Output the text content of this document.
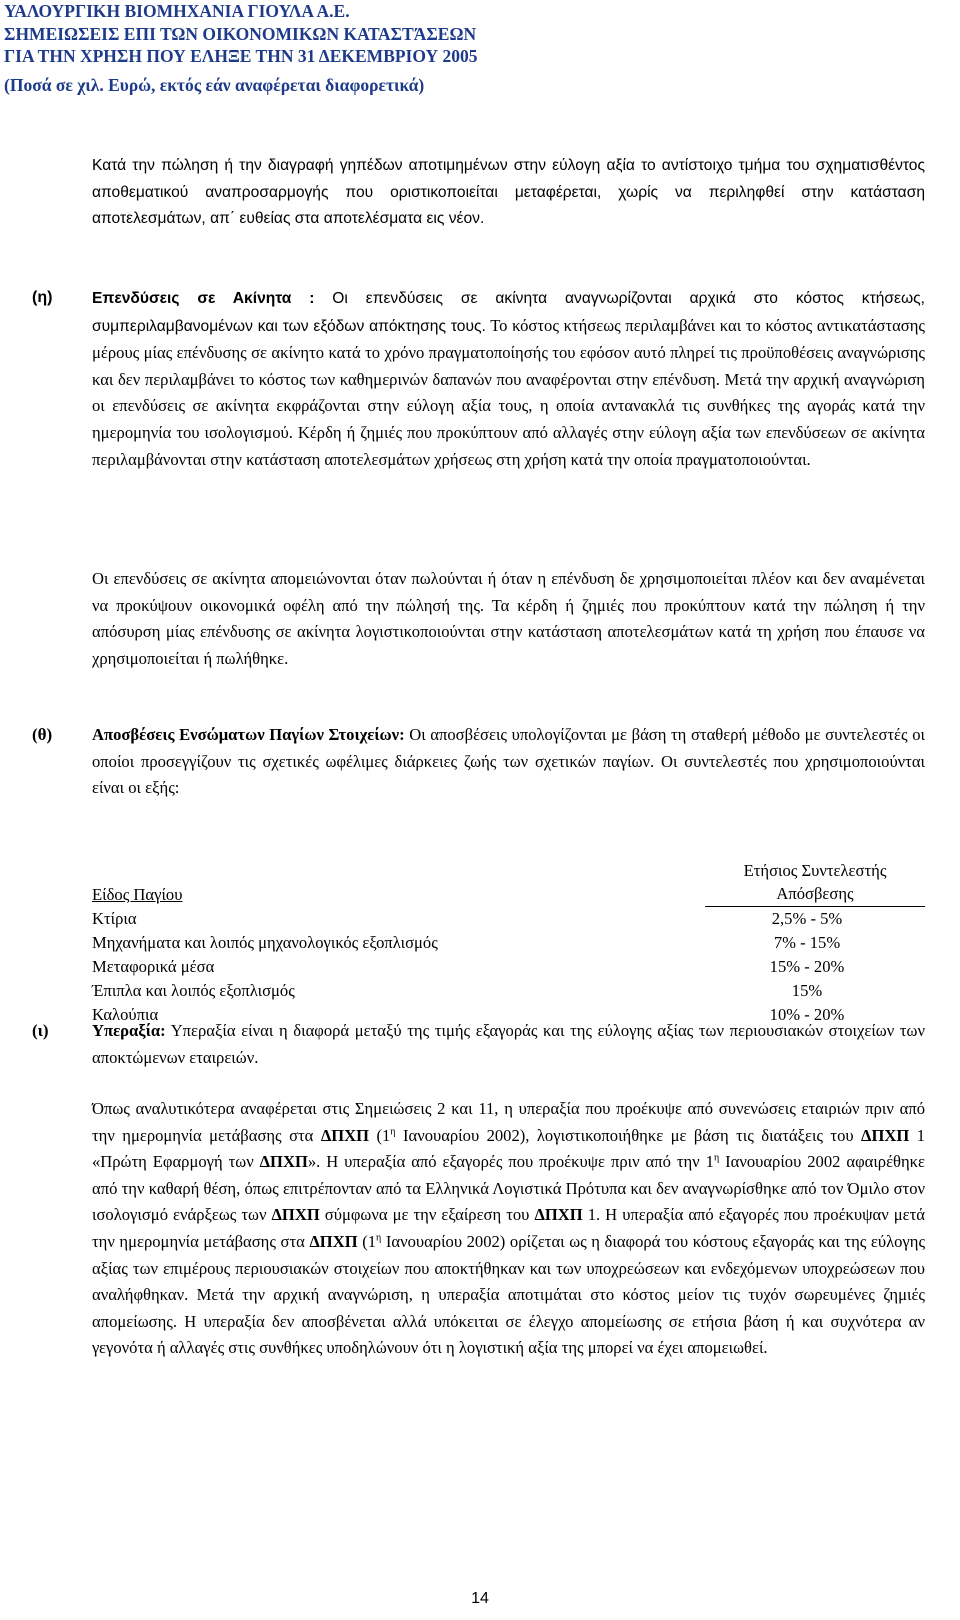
ΥΑΛΟΥΡΓΙΚΗ ΒΙΟΜΗΧΑΝΙΑ ΓΙΟΥΛΑ Α.Ε.
ΣΗΜΕΙΩΣΕΙΣ ΕΠΙ ΤΩΝ ΟΙΚΟΝΟΜΙΚΩΝ ΚΑΤΑΣΤΆΣΕΩΝ
ΓΙΑ ΤΗΝ ΧΡΗΣΗ ΠΟΥ ΕΛΗΞΕ ΤΗΝ 31 ΔΕΚΕΜΒΡΙΟΥ 2005
(Ποσά σε χιλ. Ευρώ, εκτός εάν αναφέρεται διαφορετικά)
Κατά την πώληση ή την διαγραφή γηπέδων αποτιμημένων στην εύλογη αξία το αντίστοιχο τμήμα του σχηματισθέντος αποθεματικού αναπροσαρμογής που οριστικοποιείται μεταφέρεται, χωρίς να περιληφθεί στην κατάσταση αποτελεσμάτων, απ΄ ευθείας στα αποτελέσματα εις νέον.
(η)	Επενδύσεις σε Ακίνητα : Οι επενδύσεις σε ακίνητα αναγνωρίζονται αρχικά στο κόστος κτήσεως, συμπεριλαμβανομένων και των εξόδων απόκτησης τους. Το κόστος κτήσεως περιλαμβάνει και το κόστος αντικατάστασης μέρους μίας επένδυσης σε ακίνητο κατά το χρόνο πραγματοποίησής του εφόσον αυτό πληρεί τις προϋποθέσεις αναγνώρισης και δεν περιλαμβάνει το κόστος των καθημερινών δαπανών που αναφέρονται στην επένδυση. Μετά την αρχική αναγνώριση οι επενδύσεις σε ακίνητα εκφράζονται στην εύλογη αξία τους, η οποία αντανακλά τις συνθήκες της αγοράς κατά την ημερομηνία του ισολογισμού. Κέρδη ή ζημιές που προκύπτουν από αλλαγές στην εύλογη αξία των επενδύσεων σε ακίνητα περιλαμβάνονται στην κατάσταση αποτελεσμάτων χρήσεως στη χρήση κατά την οποία πραγματοποιούνται.
Οι επενδύσεις σε ακίνητα απομειώνονται όταν πωλούνται ή όταν η επένδυση δε χρησιμοποιείται πλέον και δεν αναμένεται να προκύψουν οικονομικά οφέλη από την πώλησή της. Τα κέρδη ή ζημιές που προκύπτουν κατά την πώληση ή την απόσυρση μίας επένδυσης σε ακίνητα λογιστικοποιούνται στην κατάσταση αποτελεσμάτων κατά τη χρήση που έπαυσε να χρησιμοποιείται ή πωλήθηκε.
(θ) Αποσβέσεις Ενσώματων Παγίων Στοιχείων: Οι αποσβέσεις υπολογίζονται με βάση τη σταθερή μέθοδο με συντελεστές οι οποίοι προσεγγίζουν τις σχετικές ωφέλιμες διάρκειες ζωής των σχετικών παγίων. Οι συντελεστές που χρησιμοποιούνται είναι οι εξής:
Είδος Παγίου
Ετήσιος Συντελεστής
Απόσβεσης
Κτίρια	2,5% - 5%
Μηχανήματα και λοιπός μηχανολογικός εξοπλισμός	7% - 15%
Μεταφορικά μέσα	15% - 20%
Έπιπλα και λοιπός εξοπλισμός	15%
Καλούπια	10% - 20%
(ι)	Υπεραξία: Υπεραξία είναι η διαφορά μεταξύ της τιμής εξαγοράς και της εύλογης αξίας των περιουσιακών στοιχείων των αποκτώμενων εταιρειών.
Όπως αναλυτικότερα αναφέρεται στις Σημειώσεις 2 και 11, η υπεραξία που προέκυψε από συνενώσεις εταιριών πριν από την ημερομηνία μετάβασης στα ΔΠΧΠ ($1^\eta$ Ιανουαρίου 2002), λογιστικοποιήθηκε με βάση τις διατάξεις του ΔΠΧΠ 1 «Πρώτη Εφαρμογή των ΔΠΧΠ». Η υπεραξία από εξαγορές που προέκυψε πριν από την $1^\eta$ Ιανουαρίου 2002 αφαιρέθηκε από την καθαρή θέση, όπως επιτρέπονταν από τα Ελληνικά Λογιστικά Πρότυπα και δεν αναγνωρίσθηκε από τον Όμιλο στον ισολογισμό ενάρξεως των ΔΠΧΠ σύμφωνα με την εξαίρεση του ΔΠΧΠ 1. Η υπεραξία από εξαγορές που προέκυψαν μετά την ημερομηνία μετάβασης στα ΔΠΧΠ ($1^\eta$ Ιανουαρίου 2002) ορίζεται ως η διαφορά του κόστους εξαγοράς και της εύλογης αξίας των επιμέρους περιουσιακών στοιχείων που αποκτήθηκαν και των υποχρεώσεων και ενδεχόμενων υποχρεώσεων που αναλήφθηκαν. Μετά την αρχική αναγνώριση, η υπεραξία αποτιμάται στο κόστος μείον τις τυχόν σωρευμένες ζημιές απομείωσης. Η υπεραξία δεν αποσβένεται αλλά υπόκειται σε έλεγχο απομείωσης σε ετήσια βάση ή και συχνότερα αν γεγονότα ή αλλαγές στις συνθήκες υποδηλώνουν ότι η λογιστική αξία της μπορεί να έχει απομειωθεί.
14
